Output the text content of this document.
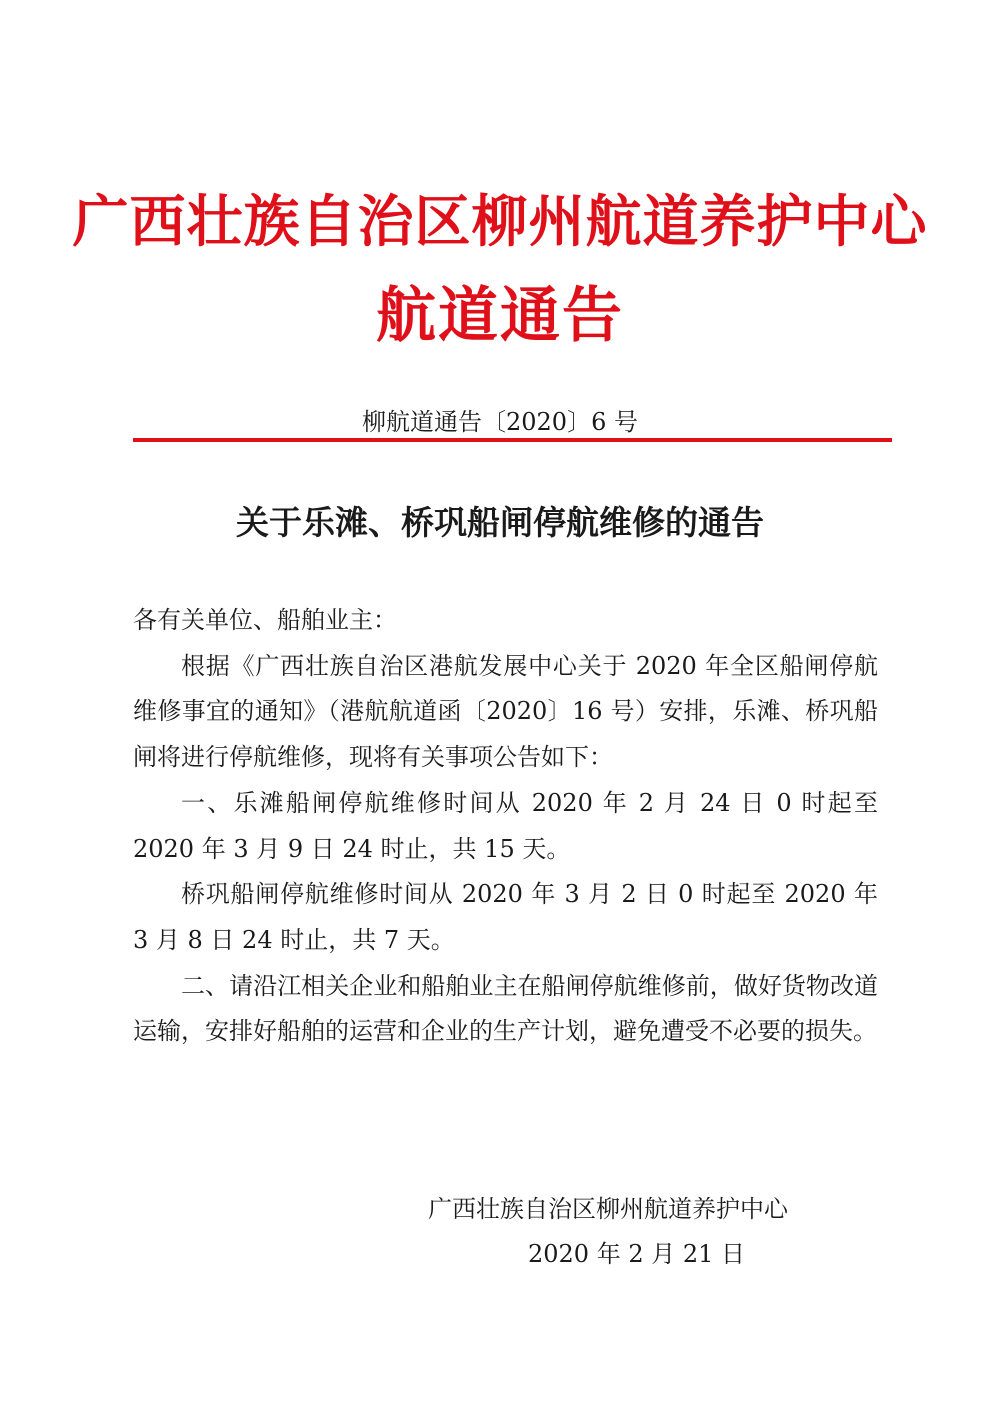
广西壮族自治区柳州航道养护中心
航道通告
柳航道通告〔2020〕6 号
关于乐滩、桥巩船闸停航维修的通告

各有关单位、船舶业主：

根据《广西壮族自治区港航发展中心关于 2020 年全区船闸停航维修事宜的通知》（港航航道函〔2020〕16 号）安排，乐滩、桥巩船闸将进行停航维修，现将有关事项公告如下：

一、乐滩船闸停航维修时间从 2020 年 2 月 24 日 0 时起至 2020 年 3 月 9 日 24 时止，共 15 天。

桥巩船闸停航维修时间从 2020 年 3 月 2 日 0 时起至 2020 年 3 月 8 日 24 时止，共 7 天。

二、请沿江相关企业和船舶业主在船闸停航维修前，做好货物改道运输，安排好船舶的运营和企业的生产计划，避免遭受不必要的损失。

广西壮族自治区柳州航道养护中心
2020 年 2 月 21 日
